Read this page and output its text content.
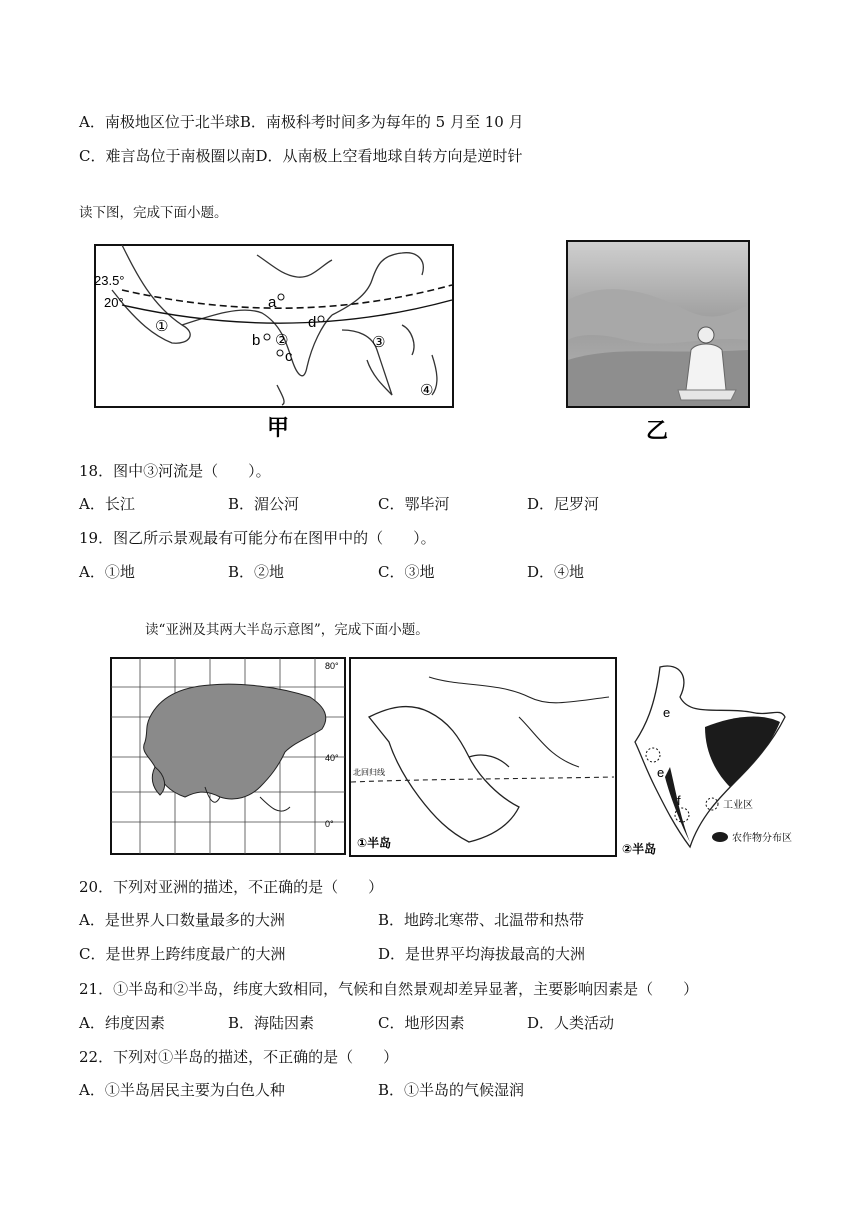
A．南极地区位于北半球B．南极科考时间多为每年的 5 月至 10 月
C．难言岛位于南极圈以南D．从南极上空看地球自转方向是逆时针
读下图，完成下面小题。
23.5°
20°	a
d
b
c
①
②	③
④
甲	乙
18．图中③河流是（　　）。
A．长江	B．湄公河	C．鄂毕河	D．尼罗河
19．图乙所示景观最有可能分布在图甲中的（　　）。
A．①地	B．②地	C．③地	D．④地
读“亚洲及其两大半岛示意图”，完成下面小题。
80°
40°
0°
北回归线
①半岛
e
e
f	工业区
农作物分布区
②半岛
20．下列对亚洲的描述，不正确的是（　　）
A．是世界人口数量最多的大洲	B．地跨北寒带、北温带和热带
C．是世界上跨纬度最广的大洲	D．是世界平均海拔最高的大洲
21．①半岛和②半岛，纬度大致相同，气候和自然景观却差异显著，主要影响因素是（　　）
A．纬度因素	B．海陆因素	C．地形因素	D．人类活动
22．下列对①半岛的描述，不正确的是（　　）
A．①半岛居民主要为白色人种	B．①半岛的气候湿润
